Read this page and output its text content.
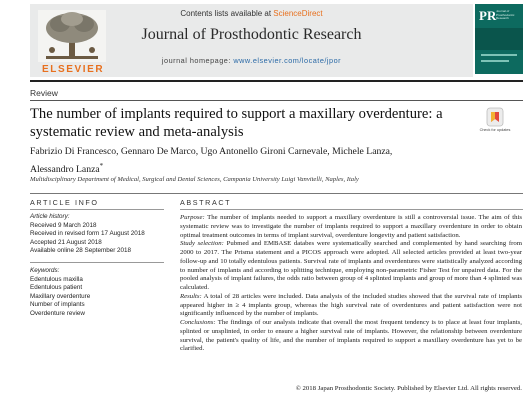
ELSEVIER
Contents lists available at ScienceDirect
Journal of Prosthodontic Research
journal homepage: www.elsevier.com/locate/jpor
PR Journal of Prosthodontic Research
Review
The number of implants required to support a maxillary overdenture: a systematic review and meta-analysis	Check for updates
Fabrizio Di Francesco, Gennaro De Marco, Ugo Antonello Gironi Carnevale, Michele Lanza, Alessandro Lanza*
Multidisciplinary Department of Medical, Surgical and Dental Sciences, Campania University Luigi Vanvitelli, Naples, Italy
ARTICLE INFO
Article history:
Received 9 March 2018
Received in revised form 17 August 2018
Accepted 21 August 2018
Available online 28 September 2018
Keywords:
Edentulous maxilla
Edentulous patient
Maxillary overdenture
Number of implants
Overdenture review
ABSTRACT

Purpose: The number of implants needed to support a maxillary overdenture is still a controversial issue. The aim of this systematic review was to investigate the number of implants required to support a maxillary overdenture in order to obtain optimal treatment outcomes in terms of implant survival, overdenture longevity and patient satisfaction.

Study selection: Pubmed and EMBASE databes were systematically searched and complemented by hand searching from 2000 to 2017. The Prisma statement and a PICOS approach were adopted. All selected articles provided at least two-year follow-up and 10 totally edentulous patients. Survival rate of implants and overdentures were statistically analyzed according to number of implants and according to splitting technique, employing non-parametric Fisher Test for unpaired data. For the pooled analysis of implant failures, the odds ratio between group of 4 splinted implants and group of more than 4 splinted was calculated.

Results: A total of 28 articles were included. Data analysis of the included studies showed that the survival rate of implants appeared higher in ≥ 4 implants group, whereas the high survival rate of overdentures and patient satisfaction were not significantly influenced by the number of implants.

Conclusions: The findings of our analysis indicate that overall the most frequent tendency is to place at least four implants, splinted or unsplinted, in order to ensure a higher survival rate of implants. However, the relationship between overdenture survival, the patient's quality of life, and the number of implants required to support a maxillary overdenture has yet to be clarified.

© 2018 Japan Prosthodontic Society. Published by Elsevier Ltd. All rights reserved.
